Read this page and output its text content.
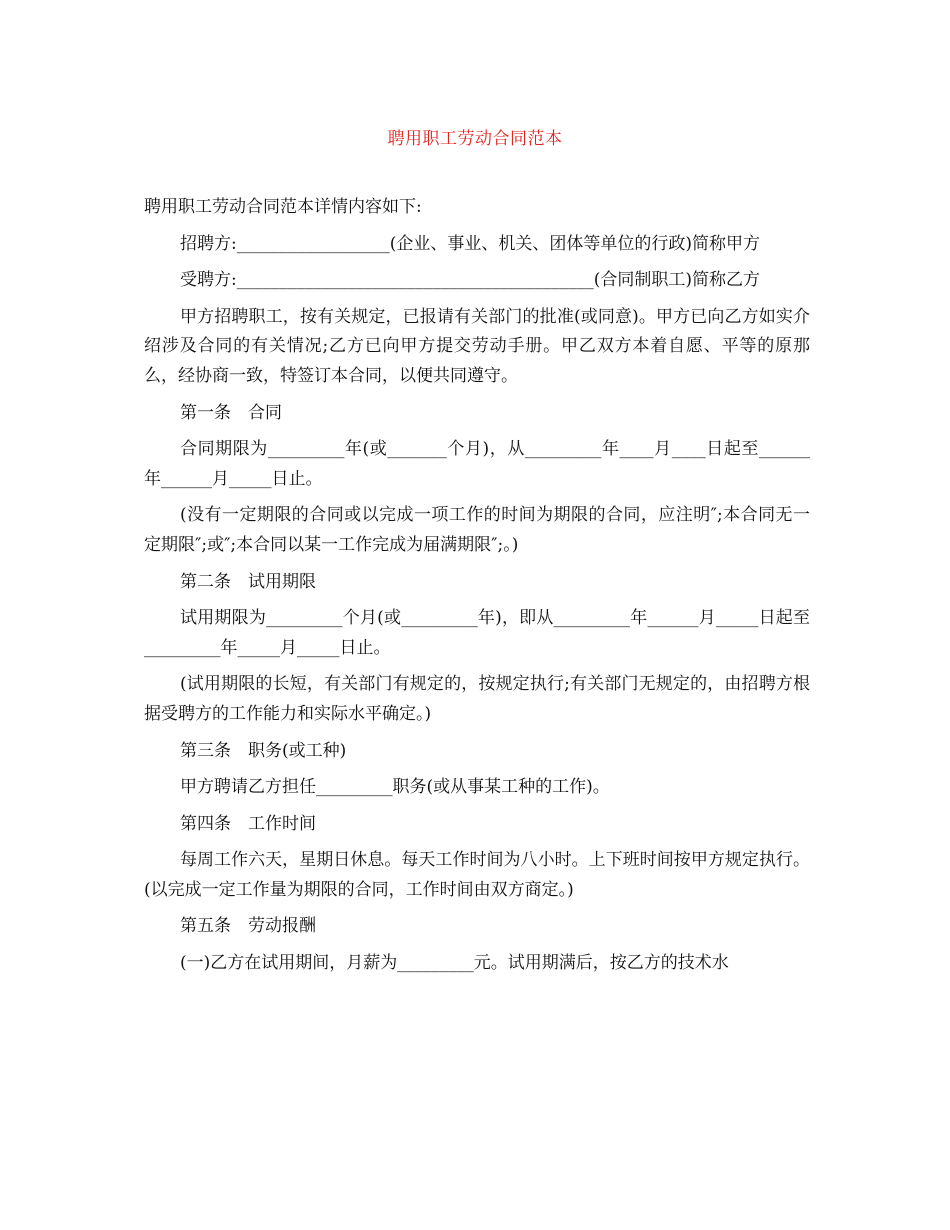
聘用职工劳动合同范本

聘用职工劳动合同范本详情内容如下:

招聘方:__________________(企业、事业、机关、团体等单位的行政)简称甲方

受聘方:__________________________________________(合同制职工)简称乙方

甲方招聘职工，按有关规定，已报请有关部门的批准(或同意)。甲方已向乙方如实介绍涉及合同的有关情况;乙方已向甲方提交劳动手册。甲乙双方本着自愿、平等的原那么，经协商一致，特签订本合同，以便共同遵守。

第一条　合同

合同期限为_________年(或_______个月)，从_________年____月____日起至______年______月_____日止。

(没有一定期限的合同或以完成一项工作的时间为期限的合同，应注明″;本合同无一定期限″;或″;本合同以某一工作完成为届满期限″;。)

第二条　试用期限

试用期限为_________个月(或_________年)，即从_________年______月_____日起至_________年_____月_____日止。

(试用期限的长短，有关部门有规定的，按规定执行;有关部门无规定的，由招聘方根据受聘方的工作能力和实际水平确定。)

第三条　职务(或工种)

甲方聘请乙方担任_________职务(或从事某工种的工作)。

第四条　工作时间

每周工作六天，星期日休息。每天工作时间为八小时。上下班时间按甲方规定执行。(以完成一定工作量为期限的合同，工作时间由双方商定。)

第五条　劳动报酬

(一)乙方在试用期间，月薪为_________元。试用期满后，按乙方的技术水
